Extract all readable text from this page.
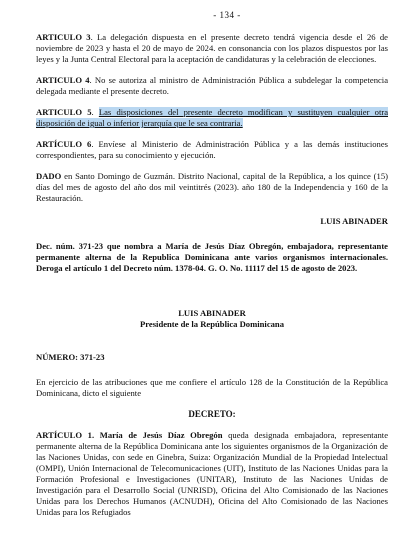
- 134 -

ARTICULO 3. La delegación dispuesta en el presente decreto tendrá vigencia desde el 26 de noviembre de 2023 y hasta el 20 de mayo de 2024. en consonancia con los plazos dispuestos por las leyes y la Junta Central Electoral para la aceptación de candidaturas y la celebración de elecciones.

ARTICULO 4. No se autoriza al ministro de Administración Pública a subdelegar la competencia delegada mediante el presente decreto.

ARTICULO 5. Las disposiciones del presente decreto modifican y sustituyen cualquier otra disposición de igual o inferior jerarquía que le sea contraria.

ARTÍCULO 6. Envíese al Ministerio de Administración Pública y a las demás instituciones correspondientes, para su conocimiento y ejecución.

DADO en Santo Domingo de Guzmán. Distrito Nacional, capital de la República, a los quince (15) días del mes de agosto del año dos mil veintitrés (2023). año 180 de la Independencia y 160 de la Restauración.

LUIS ABINADER

Dec. núm. 371-23 que nombra a María de Jesús Díaz Obregón, embajadora, representante permanente alterna de la Republica Dominicana ante varios organismos internacionales. Deroga el artículo 1 del Decreto núm. 1378-04. G. O. No. 11117 del 15 de agosto de 2023.

LUIS ABINADER
Presidente de la República Dominicana

NÚMERO: 371-23

En ejercicio de las atribuciones que me confiere el artículo 128 de la Constitución de la República Dominicana, dicto el siguiente

DECRETO:

ARTÍCULO 1. María de Jesús Díaz Obregón queda designada embajadora, representante permanente alterna de la República Dominicana ante los siguientes organismos de la Organización de las Naciones Unidas, con sede en Ginebra, Suiza: Organización Mundial de la Propiedad Intelectual (OMPI), Unión Internacional de Telecomunicaciones (UIT), Instituto de las Naciones Unidas para la Formación Profesional e Investigaciones (UNITAR), Instituto de las Naciones Unidas de Investigación para el Desarrollo Social (UNRISD), Oficina del Alto Comisionado de las Naciones Unidas para los Derechos Humanos (ACNUDH), Oficina del Alto Comisionado de las Naciones Unidas para los Refugiados
